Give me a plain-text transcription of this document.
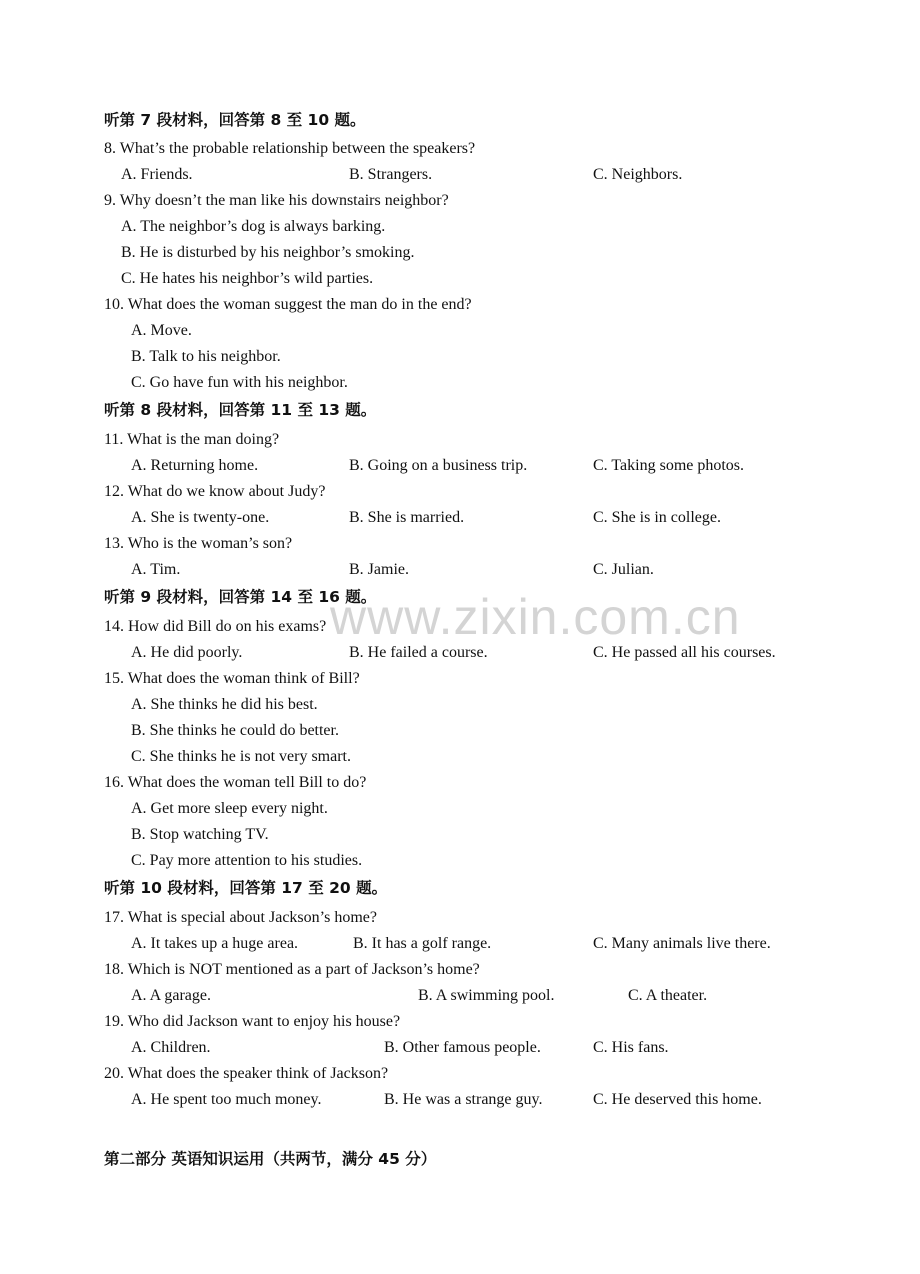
www.zixin.com.cn
听第 7 段材料，回答第 8 至 10 题。
8. What’s the probable relationship between the speakers?
A. Friends.	B. Strangers.	C. Neighbors.
9. Why doesn’t the man like his downstairs neighbor?
A. The neighbor’s dog is always barking.
B. He is disturbed by his neighbor’s smoking.
C. He hates his neighbor’s wild parties.
10. What does the woman suggest the man do in the end?
A. Move.
B. Talk to his neighbor.
C. Go have fun with his neighbor.
听第 8 段材料，回答第 11 至 13 题。
11. What is the man doing?
A. Returning home.	B. Going on a business trip.	C. Taking some photos.
12. What do we know about Judy?
A. She is twenty-one.	B. She is married.	C. She is in college.
13. Who is the woman’s son?
A. Tim.	B. Jamie.	C. Julian.
听第 9 段材料，回答第 14 至 16 题。
14. How did Bill do on his exams?
A. He did poorly.	B. He failed a course.	C. He passed all his courses.
15. What does the woman think of Bill?
A. She thinks he did his best.
B. She thinks he could do better.
C. She thinks he is not very smart.
16. What does the woman tell Bill to do?
A. Get more sleep every night.
B. Stop watching TV.
C. Pay more attention to his studies.
听第 10 段材料，回答第 17 至 20 题。
17. What is special about Jackson’s home?
A. It takes up a huge area.	B. It has a golf range.	C. Many animals live there.
18. Which is NOT mentioned as a part of Jackson’s home?
A. A garage.	B. A swimming pool.	C. A theater.
19. Who did Jackson want to enjoy his house?
A. Children.	B. Other famous people.	C. His fans.
20. What does the speaker think of Jackson?
A. He spent too much money.	B. He was a strange guy.	C. He deserved this home.
第二部分 英语知识运用（共两节，满分 45 分）
